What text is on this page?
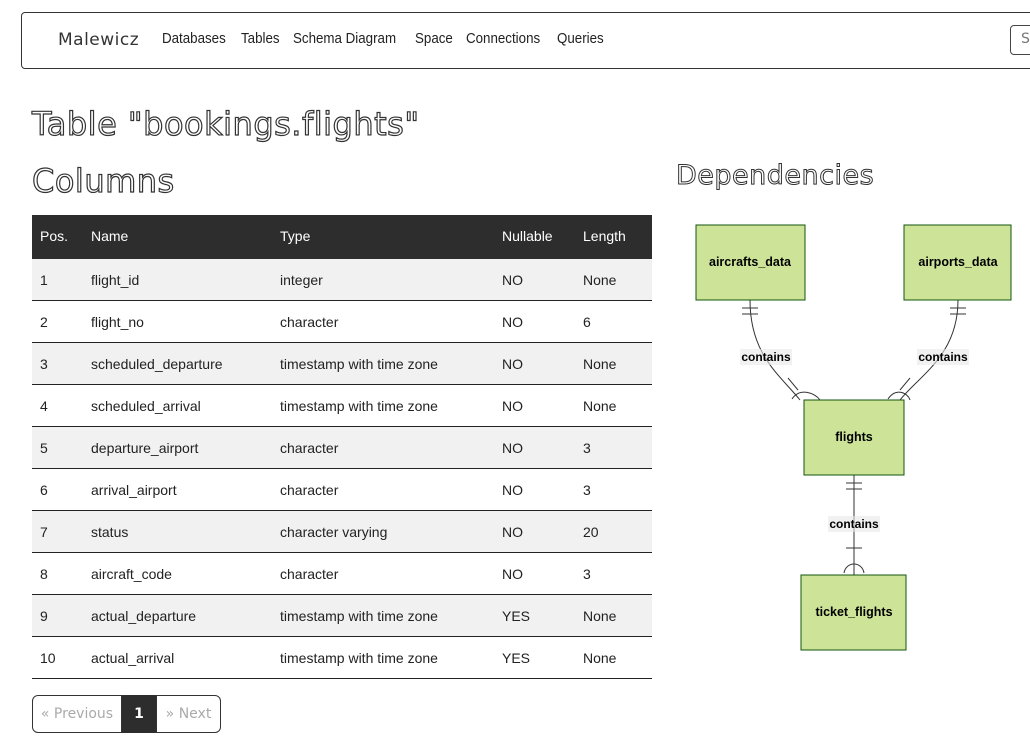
Malewicz Databases Tables Schema Diagram Space Connections Queries	S
Table "bookings.flights"
Columns	Dependencies
Pos.	Name	Type	Nullable	Length
1	flight_id	integer	NO	None
2	flight_no	character	NO	6
3	scheduled_departure	timestamp with time zone	NO	None
4	scheduled_arrival	timestamp with time zone	NO	None
5	departure_airport	character	NO	3
6	arrival_airport	character	NO	3
7	status	character varying	NO	20
8	aircraft_code	character	NO	3
9	actual_departure	timestamp with time zone	YES	None
10	actual_arrival	timestamp with time zone	YES	None
« Previous	1	» Next
contains	contains
contains
aircrafts_data	airports_data
flights
ticket_flights
